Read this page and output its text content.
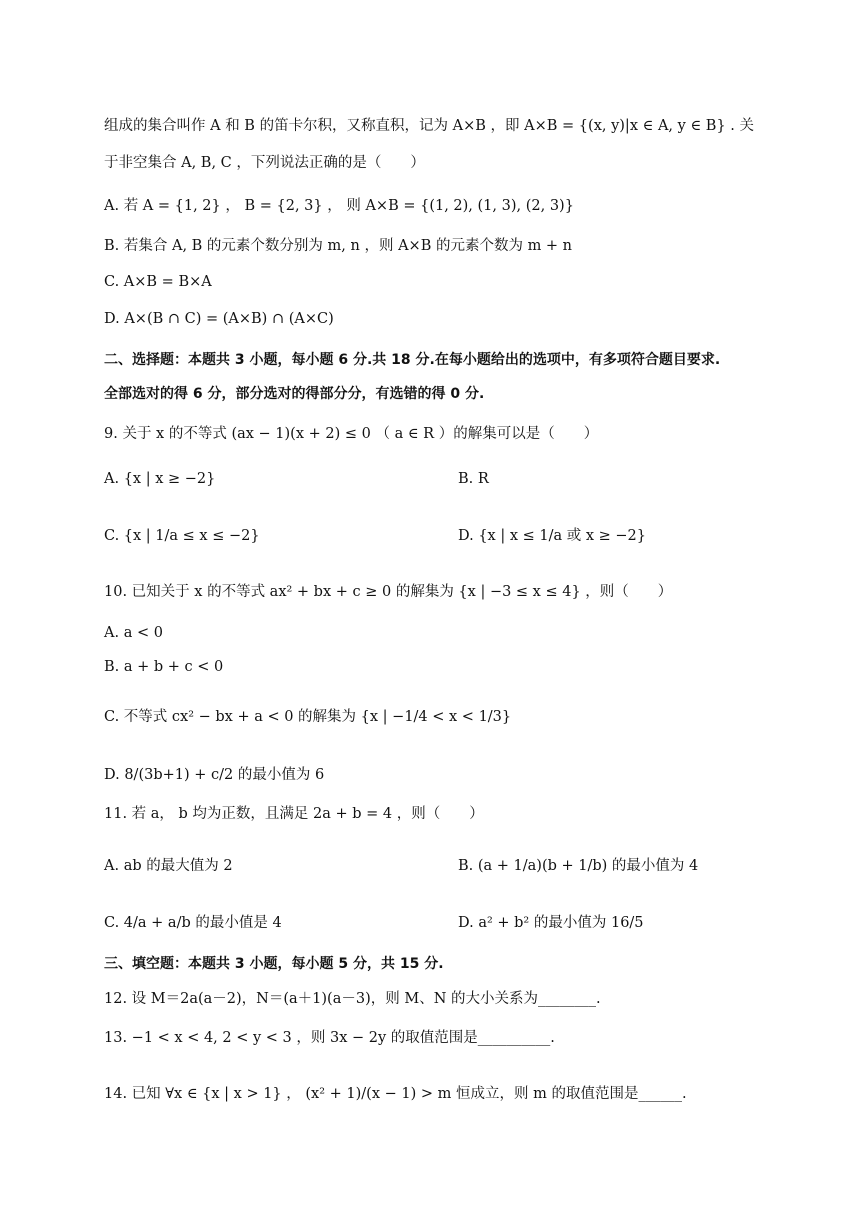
组成的集合叫作 A 和 B 的笛卡尔积，又称直积，记为 A×B ，即 A×B = {(x, y)|x ∈ A, y ∈ B} . 关
于非空集合 A, B, C ，下列说法正确的是（　　）
A. 若 A = {1, 2} ， B = {2, 3} ， 则 A×B = {(1, 2), (1, 3), (2, 3)}
B. 若集合 A, B 的元素个数分别为 m, n ，则 A×B 的元素个数为 m + n
C. A×B = B×A
D. A×(B ∩ C) = (A×B) ∩ (A×C)
二、选择题：本题共 3 小题，每小题 6 分.共 18 分.在每小题给出的选项中，有多项符合题目要求.
全部选对的得 6 分，部分选对的得部分分，有选错的得 0 分.
9. 关于 x 的不等式 (ax − 1)(x + 2) ≤ 0 （ a ∈ R ）的解集可以是（　　）
A. {x | x ≥ −2}	B. R
C. {x | 1/a ≤ x ≤ −2}	D. {x | x ≤ 1/a 或 x ≥ −2}
10. 已知关于 x 的不等式 ax² + bx + c ≥ 0 的解集为 {x | −3 ≤ x ≤ 4} ，则（　　）
A. a < 0
B. a + b + c < 0
C. 不等式 cx² − bx + a < 0 的解集为 {x | −1/4 < x < 1/3}
D. 8/(3b+1) + c/2 的最小值为 6
11. 若 a， b 均为正数，且满足 2a + b = 4 ，则（　　）
A. ab 的最大值为 2	B. (a + 1/a)(b + 1/b) 的最小值为 4
C. 4/a + a/b 的最小值是 4	D. a² + b² 的最小值为 16/5
三、填空题：本题共 3 小题，每小题 5 分，共 15 分.
12. 设 M＝2a(a－2)，N＝(a＋1)(a－3)，则 M、N 的大小关系为________.
13. −1 < x < 4, 2 < y < 3 ，则 3x − 2y 的取值范围是__________.
14. 已知 ∀x ∈ {x | x > 1} ， (x² + 1)/(x − 1) > m 恒成立，则 m 的取值范围是______.
